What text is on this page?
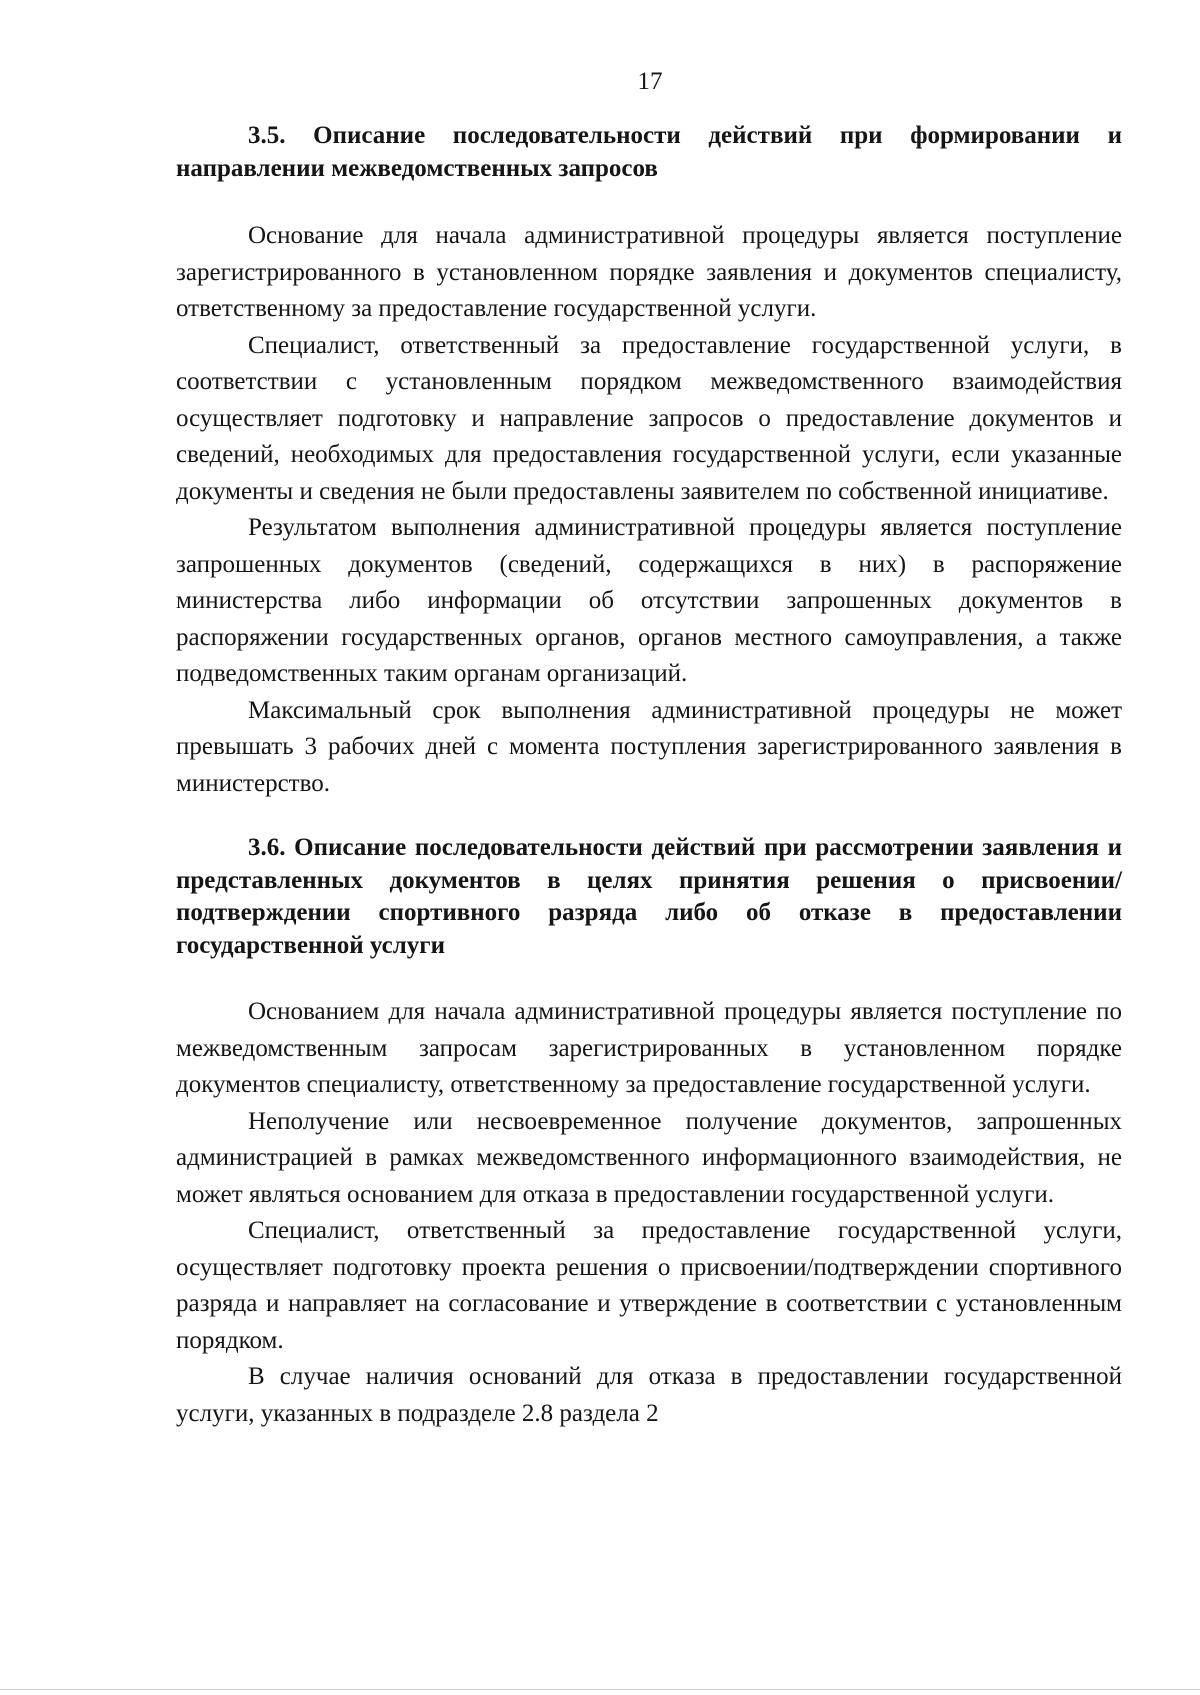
17

3.5. Описание последовательности действий при формировании и направлении межведомственных запросов

Основание для начала административной процедуры является поступление зарегистрированного в установленном порядке заявления и документов специалисту, ответственному за предоставление государственной услуги.

Специалист, ответственный за предоставление государственной услуги, в соответствии с установленным порядком межведомственного взаимодействия осуществляет подготовку и направление запросов о предоставление документов и сведений, необходимых для предоставления государственной услуги, если указанные документы и сведения не были предоставлены заявителем по собственной инициативе.

Результатом выполнения административной процедуры является поступление запрошенных документов (сведений, содержащихся в них) в распоряжение министерства либо информации об отсутствии запрошенных документов в распоряжении государственных органов, органов местного самоуправления, а также подведомственных таким органам организаций.

Максимальный срок выполнения административной процедуры не может превышать 3 рабочих дней с момента поступления зарегистрированного заявления в министерство.

3.6. Описание последовательности действий при рассмотрении заявления и представленных документов в целях принятия решения о присвоении/подтверждении спортивного разряда либо об отказе в предоставлении государственной услуги

Основанием для начала административной процедуры является поступление по межведомственным запросам зарегистрированных в установленном порядке документов специалисту, ответственному за предоставление государственной услуги.

Неполучение или несвоевременное получение документов, запрошенных администрацией в рамках межведомственного информационного взаимодействия, не может являться основанием для отказа в предоставлении государственной услуги.

Специалист, ответственный за предоставление государственной услуги, осуществляет подготовку проекта решения о присвоении/подтверждении спортивного разряда и направляет на согласование и утверждение в соответствии с установленным порядком.

В случае наличия оснований для отказа в предоставлении государственной услуги, указанных в подразделе 2.8 раздела 2
